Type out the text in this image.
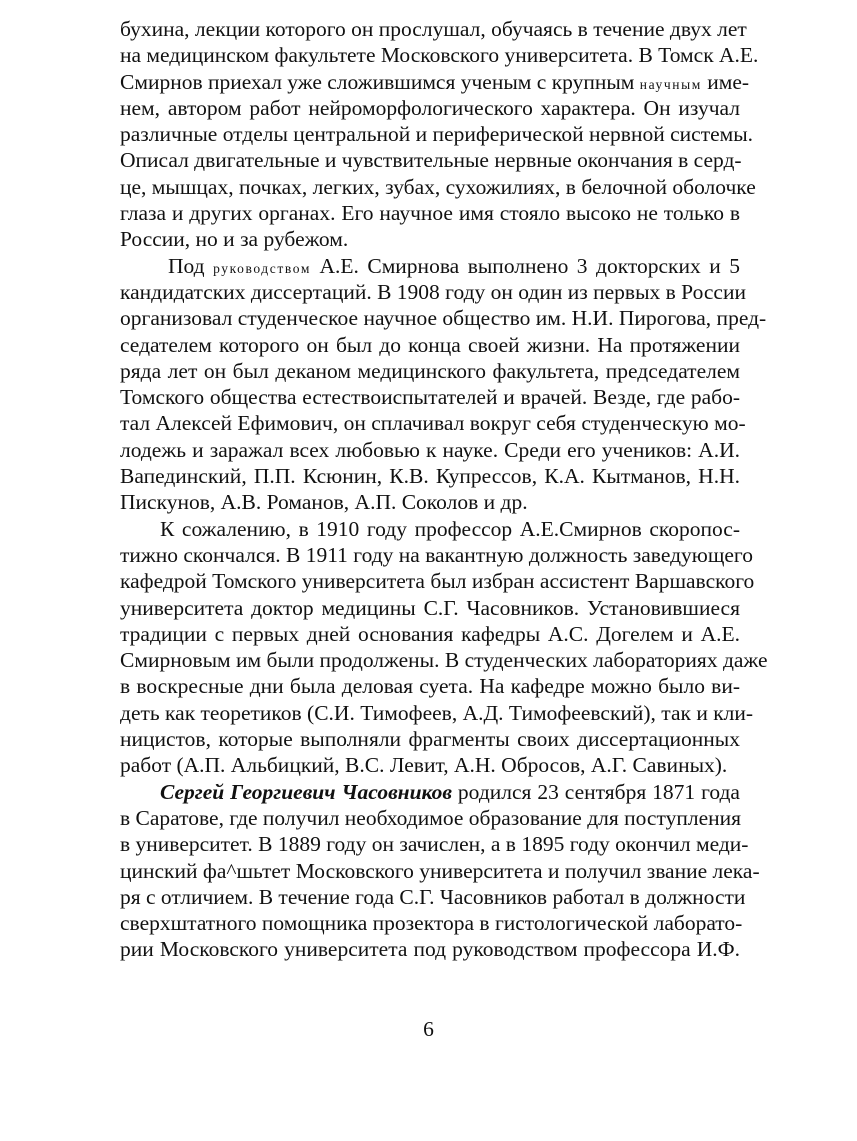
бухина, лекции которого он прослушал, обучаясь в течение двух лет
на медицинском факультете Московского университета. В Томск А.Е.
Смирнов приехал уже сложившимся ученым с крупным научным име-
нем, автором работ нейроморфологического характера. Он изучал
различные отделы центральной и периферической нервной системы.
Описал двигательные и чувствительные нервные окончания в серд-
це, мышцах, почках, легких, зубах, сухожилиях, в белочной оболочке
глаза и других органах. Его научное имя стояло высоко не только в
России, но и за рубежом.
Под руководством А.Е. Смирнова выполнено 3 докторских и 5
кандидатских диссертаций. В 1908 году он один из первых в России
организовал студенческое научное общество им. Н.И. Пирогова, пред-
седателем которого он был до конца своей жизни. На протяжении
ряда лет он был деканом медицинского факультета, председателем
Томского общества естествоиспытателей и врачей. Везде, где рабо-
тал Алексей Ефимович, он сплачивал вокруг себя студенческую мо-
лодежь и заражал всех любовью к науке. Среди его учеников: А.И.
Вапединский, П.П. Ксюнин, К.В. Купрессов, К.А. Кытманов, Н.Н.
Пискунов, А.В. Романов, А.П. Соколов и др.
К сожалению, в 1910 году профессор А.Е.Смирнов скоропос-
тижно скончался. В 1911 году на вакантную должность заведующего
кафедрой Томского университета был избран ассистент Варшавского
университета доктор медицины С.Г. Часовников. Установившиеся
традиции с первых дней основания кафедры А.С. Догелем и А.Е.
Смирновым им были продолжены. В студенческих лабораториях даже
в воскресные дни была деловая суета. На кафедре можно было ви-
деть как теоретиков (С.И. Тимофеев, А.Д. Тимофеевский), так и кли-
ницистов, которые выполняли фрагменты своих диссертационных
работ (А.П. Альбицкий, В.С. Левит, А.Н. Обросов, А.Г. Савиных).
Сергей Георгиевич Часовников родился 23 сентября 1871 года
в Саратове, где получил необходимое образование для поступления
в университет. В 1889 году он зачислен, а в 1895 году окончил меди-
цинский фа^шьтет Московского университета и получил звание лека-
ря с отличием. В течение года С.Г. Часовников работал в должности
сверхштатного помощника прозектора в гистологической лаборато-
рии Московского университета под руководством профессора И.Ф.
6
